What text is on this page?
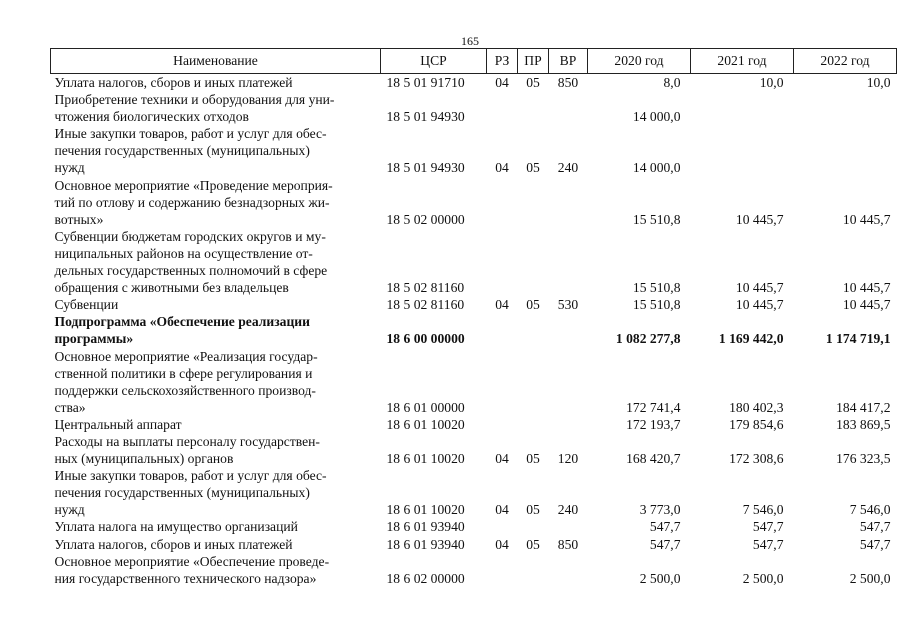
165
Наименование	ЦСР	РЗ	ПР	ВР	2020 год	2021 год	2022 год

Уплата налогов, сборов и иных платежей	18 5 01 91710	04	05	850	8,0	10,0	10,0

Приобретение техники и оборудования для уни-
чтожения биологических отходов	18 5 01 94930				14 000,0		

Иные закупки товаров, работ и услуг для обес-
печения государственных (муниципальных)
нужд	18 5 01 94930	04	05	240	14 000,0		

Основное мероприятие «Проведение мероприя-
тий по отлову и содержанию безнадзорных жи-
вотных»	18 5 02 00000				15 510,8	10 445,7	10 445,7

Субвенции бюджетам городских округов и му-
ниципальных районов на осуществление от-
дельных государственных полномочий в сфере
обращения с животными без владельцев	18 5 02 81160				15 510,8	10 445,7	10 445,7

Субвенции	18 5 02 81160	04	05	530	15 510,8	10 445,7	10 445,7

Подпрограмма «Обеспечение реализации
программы»	18 6 00 00000				1 082 277,8	1 169 442,0	1 174 719,1

Основное мероприятие «Реализация государ-
ственной политики в сфере регулирования и
поддержки сельскохозяйственного производ-
ства»	18 6 01 00000				172 741,4	180 402,3	184 417,2

Центральный аппарат	18 6 01 10020				172 193,7	179 854,6	183 869,5

Расходы на выплаты персоналу государствен-
ных (муниципальных) органов	18 6 01 10020	04	05	120	168 420,7	172 308,6	176 323,5

Иные закупки товаров, работ и услуг для обес-
печения государственных (муниципальных)
нужд	18 6 01 10020	04	05	240	3 773,0	7 546,0	7 546,0

Уплата налога на имущество организаций	18 6 01 93940				547,7	547,7	547,7

Уплата налогов, сборов и иных платежей	18 6 01 93940	04	05	850	547,7	547,7	547,7

Основное мероприятие «Обеспечение проведе-
ния государственного технического надзора»	18 6 02 00000				2 500,0	2 500,0	2 500,0
